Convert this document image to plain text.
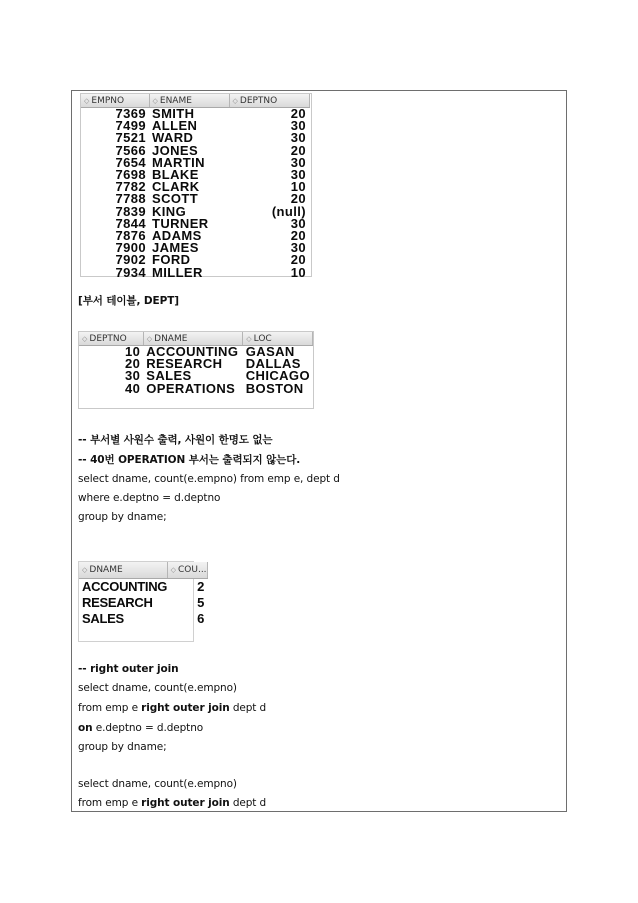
◇ EMPNO	◇ ENAME	◇ DEPTNO
7369	SMITH	20
7499	ALLEN	30
7521	WARD	30
7566	JONES	20
7654	MARTIN	30
7698	BLAKE	30
7782	CLARK	10
7788	SCOTT	20
7839	KING	(null)
7844	TURNER	30
7876	ADAMS	20
7900	JAMES	30
7902	FORD	20
7934	MILLER	10
[부서 테이블, DEPT]
◇ DEPTNO	◇ DNAME	◇ LOC
10	ACCOUNTING	GASAN
20	RESEARCH	DALLAS
30	SALES	CHICAGO
40	OPERATIONS	BOSTON
-- 부서별 사원수 출력, 사원이 한명도 없는
-- 40번 OPERATION 부서는 출력되지 않는다.
select dname, count(e.empno) from emp e, dept d
where e.deptno = d.deptno
group by dname;
◇ DNAME	◇ COU...
ACCOUNTING	2
RESEARCH	5
SALES	6
-- right outer join
select dname, count(e.empno)
from emp e right outer join dept d
on e.deptno = d.deptno
group by dname;
select dname, count(e.empno)
from emp e right outer join dept d
